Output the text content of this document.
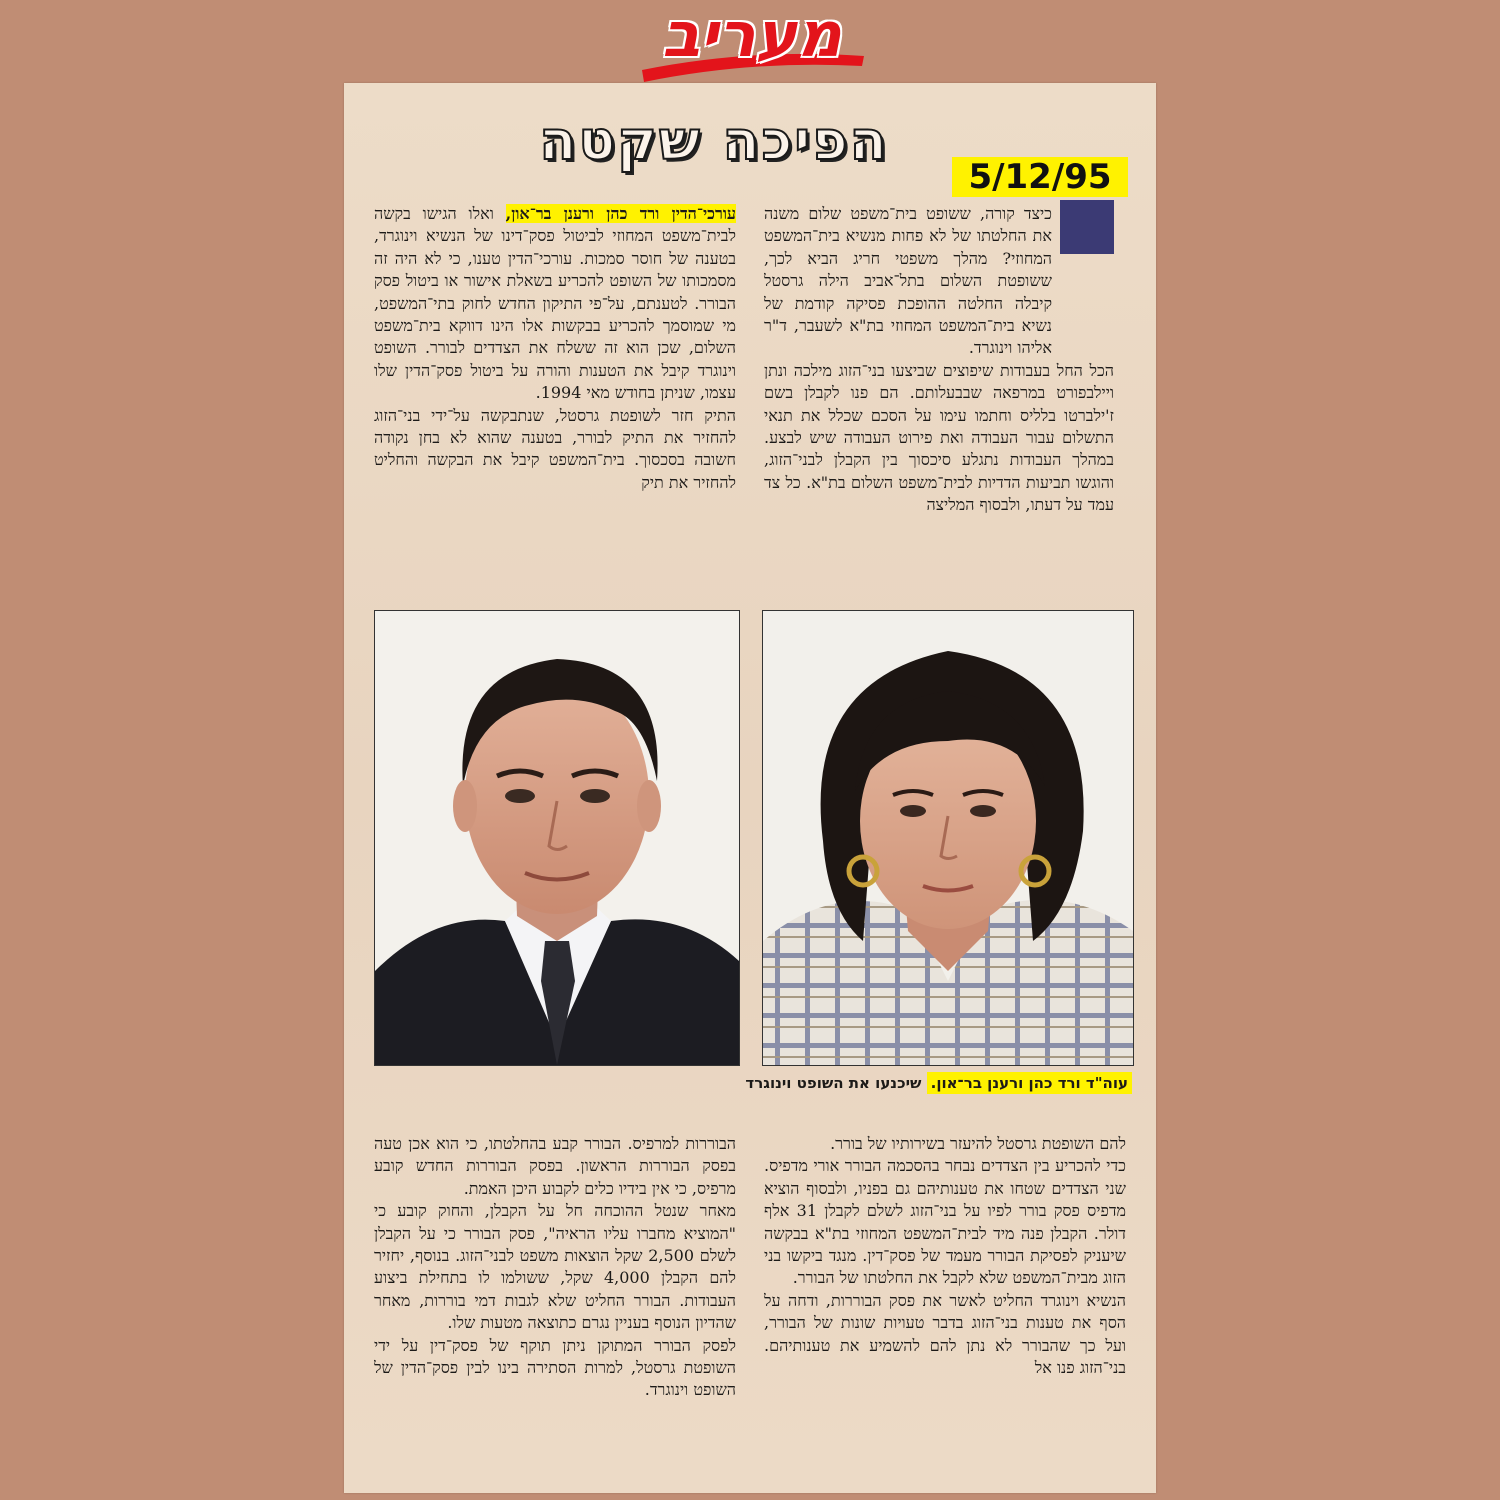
מעריב

הפיכה שקטה
5/12/95

כיצד קורה, ששופט בית־משפט שלום משנה את החלטתו של לא פחות מנשיא בית־המשפט המחוזי? מהלך משפטי חריג הביא לכך, ששופטת השלום בתל־אביב הילה גרסטל קיבלה החלטה ההופכת פסיקה קודמת של נשיא בית־המשפט המחוזי בת"א לשעבר, ד"ר אליהו וינוגרד.

הכל החל בעבודות שיפוצים שביצעו בני־הזוג מילכה ונתן ויילבפורט במרפאה שבבעלותם. הם פנו לקבלן בשם ז'ילברטו בלליס וחתמו עימו על הסכם שכלל את תנאי התשלום עבור העבודה ואת פירוט העבודה שיש לבצע. במהלך העבודות נתגלע סיכסוך בין הקבלן לבני־הזוג, והוגשו תביעות הדדיות לבית־משפט השלום בת"א. כל צד עמד על דעתו, ולבסוף המליצה

עורכי־הדין ורד כהן ורענן בר־און, ואלו הגישו בקשה לבית־משפט המחוזי לביטול פסק־דינו של הנשיא וינוגרד, בטענה של חוסר סמכות. עורכי־הדין טענו, כי לא היה זה מסמכותו של השופט להכריע בשאלת אישור או ביטול פסק הבורר. לטענתם, על־פי התיקון החדש לחוק בתי־המשפט, מי שמוסמך להכריע בבקשות אלו הינו דווקא בית־משפט השלום, שכן הוא זה ששלח את הצדדים לבורר. השופט וינוגרד קיבל את הטענות והורה על ביטול פסק־הדין שלו עצמו, שניתן בחודש מאי 1994.

התיק חזר לשופטת גרסטל, שנתבקשה על־ידי בני־הזוג להחזיר את התיק לבורר, בטענה שהוא לא בחן נקודה חשובה בסכסוך. בית־המשפט קיבל את הבקשה והחליט להחזיר את תיק

עוה"ד ורד כהן ורענן בר־און. שיכנעו את השופט וינוגרד

להם השופטת גרסטל להיעזר בשירותיו של בורר.

כדי להכריע בין הצדדים נבחר בהסכמה הבורר אורי מדפיס. שני הצדדים שטחו את טענותיהם גם בפניו, ולבסוף הוציא מדפיס פסק בורר לפיו על בני־הזוג לשלם לקבלן 31 אלף דולר. הקבלן פנה מיד לבית־המשפט המחוזי בת"א בבקשה שיעניק לפסיקת הבורר מעמד של פסק־דין. מנגד ביקשו בני הזוג מבית־המשפט שלא לקבל את החלטתו של הבורר.

הנשיא וינוגרד החליט לאשר את פסק הבוררות, ודחה על הסף את טענות בני־הזוג בדבר טעויות שונות של הבורר, ועל כך שהבורר לא נתן להם להשמיע את טענותיהם. בני־הזוג פנו אל

הבוררות למרפיס. הבורר קבע בהחלטתו, כי הוא אכן טעה בפסק הבוררות הראשון. בפסק הבוררות החדש קובע מרפיס, כי אין בידיו כלים לקבוע היכן האמת.

מאחר שנטל ההוכחה חל על הקבלן, והחוק קובע כי "המוציא מחברו עליו הראיה", פסק הבורר כי על הקבלן לשלם 2,500 שקל הוצאות משפט לבני־הזוג. בנוסף, יחזיר להם הקבלן 4,000 שקל, ששולמו לו בתחילת ביצוע העבודות. הבורר החליט שלא לגבות דמי בוררות, מאחר שהדיון הנוסף בעניין נגרם כתוצאה מטעות שלו.

לפסק הבורר המתוקן ניתן תוקף של פסק־דין על ידי השופטת גרסטל, למרות הסתירה בינו לבין פסק־הדין של השופט וינוגרד.
